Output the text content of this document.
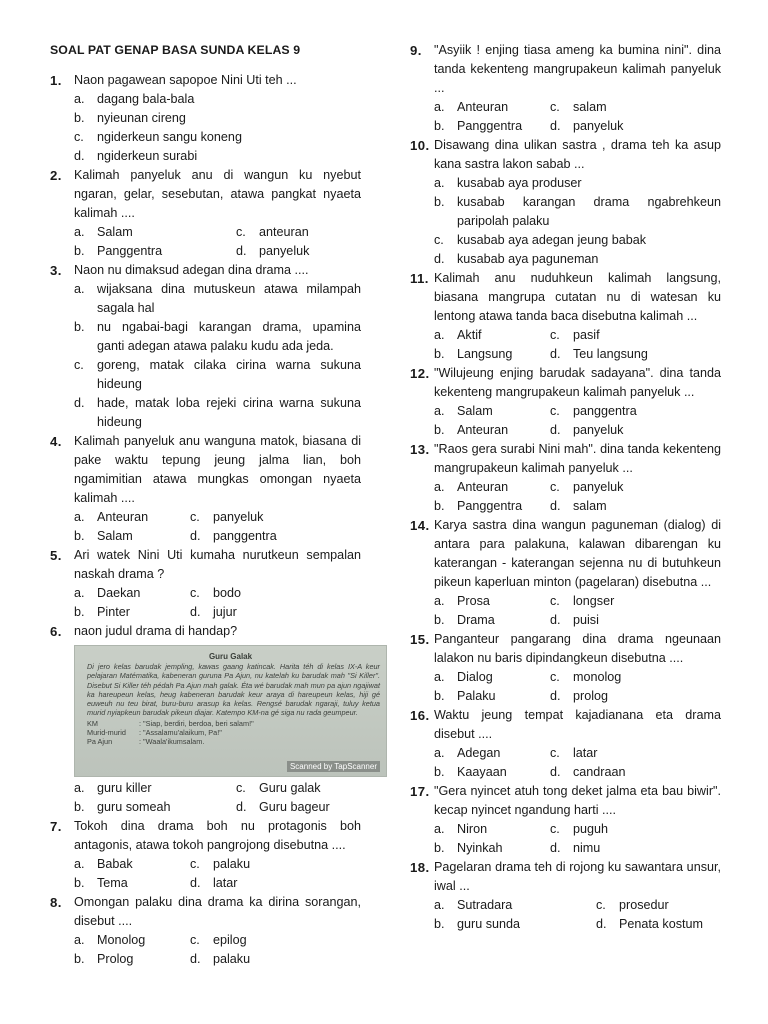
SOAL PAT GENAP BASA SUNDA KELAS 9
1. Naon pagawean sapopoe Nini Uti teh ...
a. dagang bala-bala
b. nyieunan cireng
c. ngiderkeun sangu koneng
d. ngiderkeun surabi
2. Kalimah panyeluk anu di wangun ku nyebut ngaran, gelar, sesebutan, atawa pangkat nyaeta kalimah ....
a. Salam	c.	anteuran
b. Panggentra	d. panyeluk
3. Naon nu dimaksud adegan dina drama ....
a. wijaksana dina mutuskeun atawa milampah sagala hal
b. nu ngabai-bagi karangan drama, upamina ganti adegan atawa palaku kudu ada jeda.
c. goreng, matak cilaka cirina warna sukuna hideung
d. hade, matak loba rejeki cirina warna sukuna hideung
4. Kalimah panyeluk anu wanguna matok, biasana di pake waktu tepung jeung jalma lian, boh ngamimitian atawa mungkas omongan nyaeta kalimah ....
a. Anteuran	c.	panyeluk
b. Salam	d. panggentra
5. Ari watek Nini Uti kumaha nurutkeun sempalan naskah drama ?
a. Daekan	c.	bodo
b. Pinter	d. jujur
6. naon judul drama di handap?
Guru Galak
Di jero kelas barudak jempling, kawas gaang katincak. Harita téh di kelas IX-A keur pelajaran Matématika, kabeneran guruna Pa Ajun, nu katelah ku barudak mah "Si Killer". Disebut Si Killer téh pédah Pa Ajun mah galak. Éta wé barudak mah mun pa ajun ngajiwat ka hareupeun kelas, heug kabeneran barudak keur araya di hareupeun kelas, hiji gé euweuh nu teu birat, buru-buru arasup ka kelas. Rengsé barudak ngaraji, tuluy ketua murid nyiapkeun barudak pikeun diajar. Katempo KM-na gé siga nu rada geumpeur.
KM	: "Siap, berdiri, berdoa, beri salam!"
Murid-murid	: "Assalamu'alaikum, Pa!"
Pa Ajun	: "Waala'ikumsalam.
Scanned by TapScanner
a. guru killer	c.	Guru galak
b. guru someah	d. Guru bageur
7. Tokoh dina drama boh nu protagonis boh antagonis, atawa tokoh pangrojong disebutna ....
a. Babak	c.	palaku
b. Tema	d. latar
8. Omongan palaku dina drama ka dirina sorangan, disebut ....
a. Monolog	c.	epilog
b. Prolog	d. palaku
9. "Asyiik ! enjing tiasa ameng ka bumina nini". dina tanda kekenteng mangrupakeun kalimah panyeluk ...
a. Anteuran	c.	salam
b. Panggentra d. panyeluk
10. Disawang dina ulikan sastra , drama teh ka asup kana sastra lakon sabab ...
a. kusabab aya produser
b. kusabab karangan drama ngabrehkeun paripolah palaku
c. kusabab aya adegan jeung babak
d. kusabab aya paguneman
11. Kalimah anu nuduhkeun kalimah langsung, biasana mangrupa cutatan nu di watesan ku lentong atawa tanda baca disebutna kalimah ...
a. Aktif	c.	pasif
b. Langsung	d. Teu langsung
12. "Wilujeung enjing barudak sadayana". dina tanda kekenteng mangrupakeun kalimah panyeluk ...
a. Salam	c.	panggentra
b. Anteuran	d. panyeluk
13. "Raos gera surabi Nini mah". dina tanda kekenteng mangrupakeun kalimah panyeluk ...
a. Anteuran	c.	panyeluk
b. Panggentra d. salam
14. Karya sastra dina wangun paguneman (dialog) di antara para palakuna, kalawan dibarengan ku katerangan - katerangan sejenna nu di butuhkeun pikeun kaperluan minton (pagelaran) disebutna ...
a. Prosa	c.	longser
b. Drama	d. puisi
15. Panganteur pangarang dina drama ngeunaan lalakon nu baris dipindangkeun disebutna ....
a. Dialog	c.	monolog
b. Palaku	d. prolog
16. Waktu jeung tempat kajadianana eta drama disebut ....
a. Adegan	c.	latar
b. Kaayaan	d. candraan
17. "Gera nyincet atuh tong deket jalma eta bau biwir". kecap nyincet ngandung harti ....
a. Niron	c.	puguh
b. Nyinkah	d. nimu
18. Pagelaran drama teh di rojong ku sawantara unsur, iwal ...
a. Sutradara	c.	prosedur
b. guru sunda	d. Penata kostum
